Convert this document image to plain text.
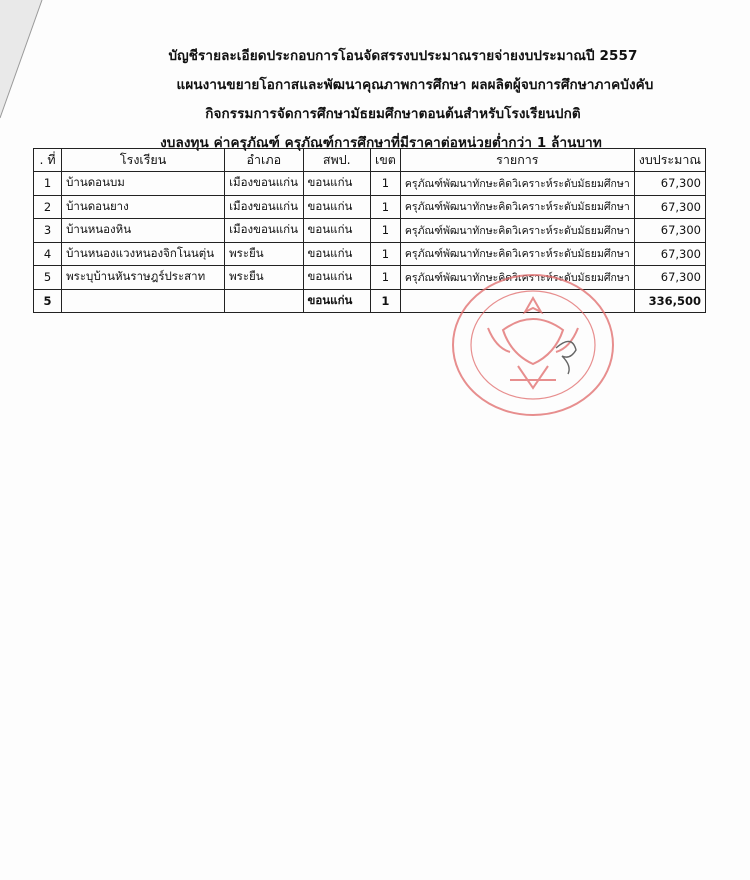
บัญชีรายละเอียดประกอบการโอนจัดสรรงบประมาณรายจ่ายงบประมาณปี 2557
แผนงานขยายโอกาสและพัฒนาคุณภาพการศึกษา ผลผลิตผู้จบการศึกษาภาคบังคับ
กิจกรรมการจัดการศึกษามัธยมศึกษาตอนต้นสำหรับโรงเรียนปกติ
งบลงทุน ค่าครุภัณฑ์ ครุภัณฑ์การศึกษาที่มีราคาต่อหน่วยต่ำกว่า 1 ล้านบาท
. ที่	โรงเรียน	อำเภอ	สพป.	เขต	รายการ	งบประมาณ
1	บ้านดอนบม	เมืองขอนแก่น	ขอนแก่น	1	ครุภัณฑ์พัฒนาทักษะคิดวิเคราะห์ระดับมัธยมศึกษา	67,300
2	บ้านดอนยาง	เมืองขอนแก่น	ขอนแก่น	1	ครุภัณฑ์พัฒนาทักษะคิดวิเคราะห์ระดับมัธยมศึกษา	67,300
3	บ้านหนองหิน	เมืองขอนแก่น	ขอนแก่น	1	ครุภัณฑ์พัฒนาทักษะคิดวิเคราะห์ระดับมัธยมศึกษา	67,300
4	บ้านหนองแวงหนองจิกโนนตุ่น	พระยืน	ขอนแก่น	1	ครุภัณฑ์พัฒนาทักษะคิดวิเคราะห์ระดับมัธยมศึกษา	67,300
5	พระบุบ้านหันราษฎร์ประสาท	พระยืน	ขอนแก่น	1	ครุภัณฑ์พัฒนาทักษะคิดวิเคราะห์ระดับมัธยมศึกษา	67,300
5			ขอนแก่น	1		336,500
